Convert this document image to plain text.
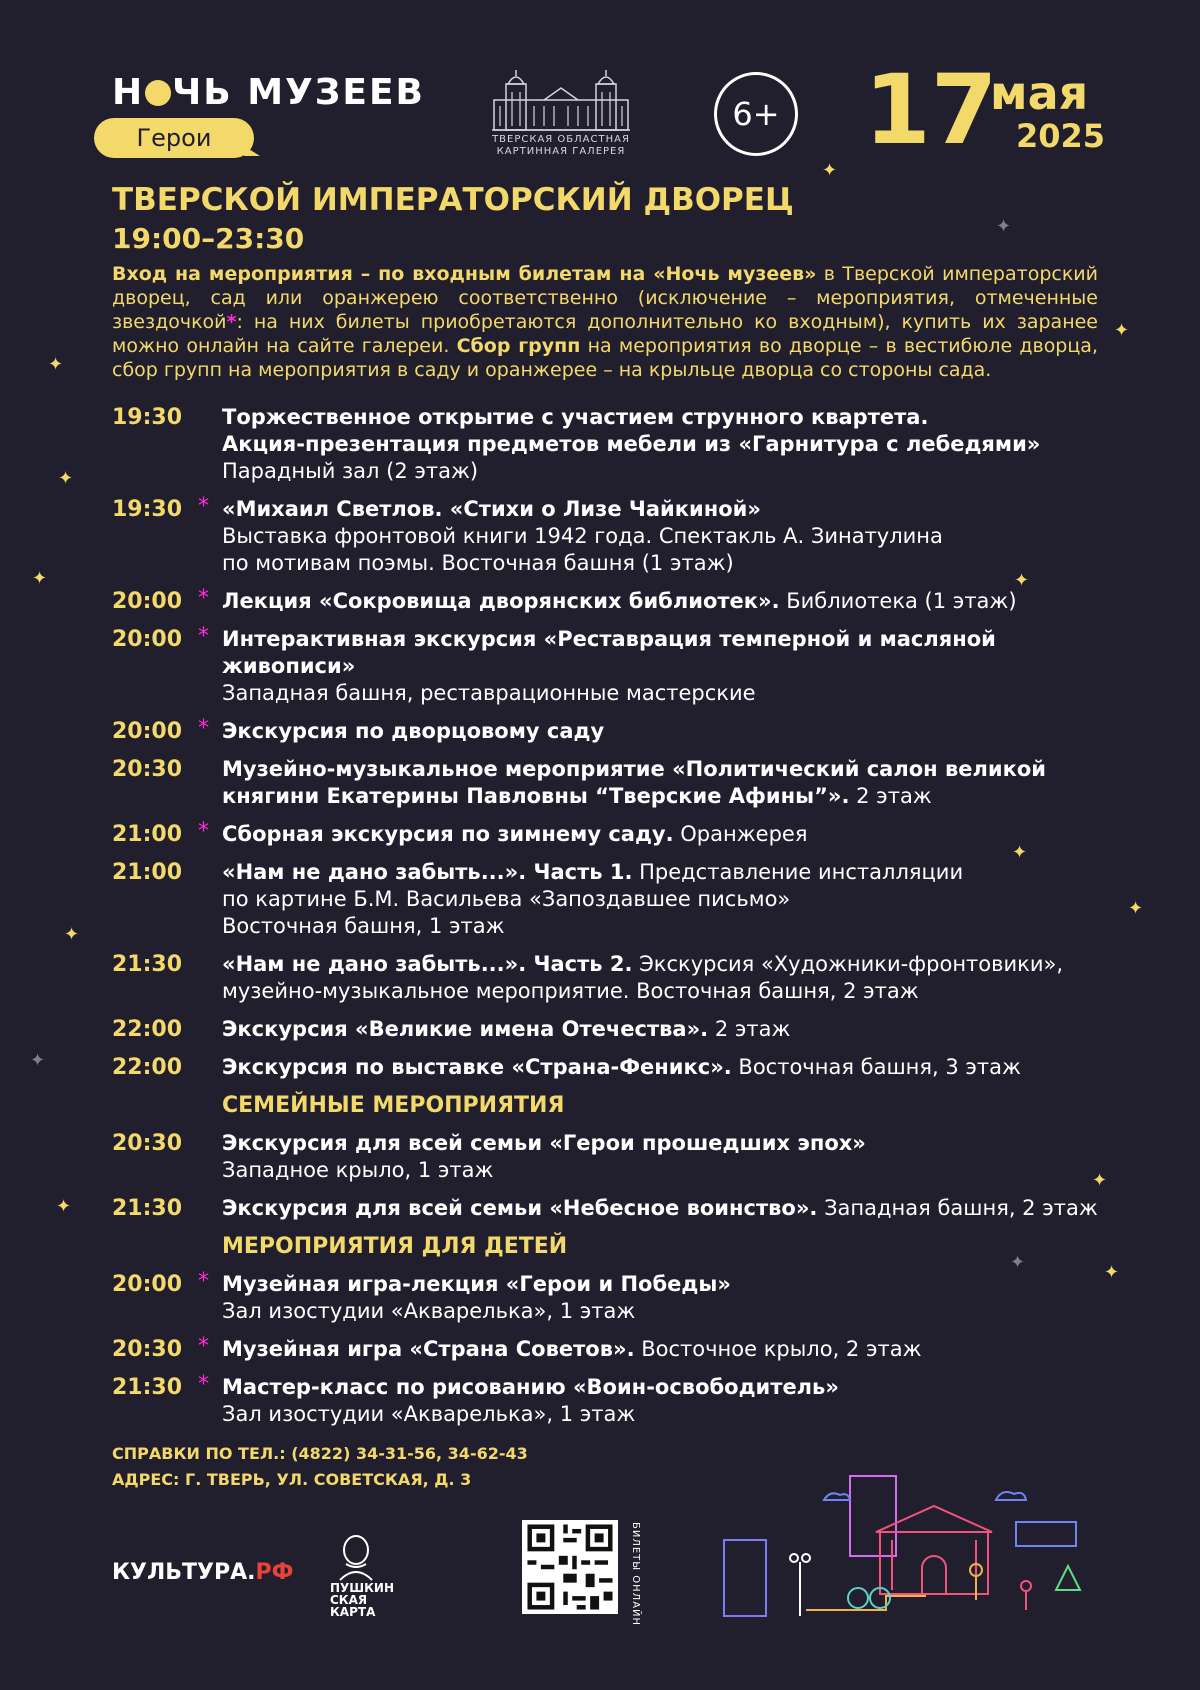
✦
✦
✦
✦
✦
✦	✦
✦
✦
✦
✦
✦
✦
✦	✦
Н ЧЬ МУЗЕЕВ
Герои	ТВЕРСКАЯ ОБЛАСТНАЯ
КАРТИННАЯ ГАЛЕРЕЯ
6+ 17
мая
2025
ТВЕРСКОЙ ИМПЕРАТОРСКИЙ ДВОРЕЦ
19:00–23:30
Вход на мероприятия – по входным билетам на «Ночь музеев» в Тверской императорский дворец, сад или оранжерею соответственно (исключение – мероприятия, отмеченные звездочкой*: на них билеты приобретаются дополнительно ко входным), купить их заранее можно онлайн на сайте галереи. Сбор групп на мероприятия во дворце – в вестибюле дворца, сбор групп на мероприятия в саду и оранжерее – на крыльце дворца со стороны сада.
19:30 Торжественное открытие с участием струнного квартета.
Акция-презентация предметов мебели из «Гарнитура с лебедями»
Парадный зал (2 этаж)
19:30 * «Михаил Светлов. «Стихи о Лизе Чайкиной»
Выставка фронтовой книги 1942 года. Спектакль А. Зинатулина
по мотивам поэмы. Восточная башня (1 этаж)
20:00 * Лекция «Сокровища дворянских библиотек». Библиотека (1 этаж)
20:00 * Интерактивная экскурсия «Реставрация темперной и масляной живописи»
Западная башня, реставрационные мастерские
20:00 * Экскурсия по дворцовому саду
20:30 Музейно-музыкальное мероприятие «Политический салон великой
княгини Екатерины Павловны “Тверские Афины”». 2 этаж
21:00 * Сборная экскурсия по зимнему саду. Оранжерея
21:00 «Нам не дано забыть...». Часть 1. Представление инсталляции
по картине Б.М. Васильева «Запоздавшее письмо»
Восточная башня, 1 этаж
21:30 «Нам не дано забыть...». Часть 2. Экскурсия «Художники-фронтовики»,
музейно-музыкальное мероприятие. Восточная башня, 2 этаж
22:00 Экскурсия «Великие имена Отечества». 2 этаж
22:00 Экскурсия по выставке «Страна-Феникс». Восточная башня, 3 этаж
СЕМЕЙНЫЕ МЕРОПРИЯТИЯ
20:30 Экскурсия для всей семьи «Герои прошедших эпох»
Западное крыло, 1 этаж
21:30 Экскурсия для всей семьи «Небесное воинство». Западная башня, 2 этаж
МЕРОПРИЯТИЯ ДЛЯ ДЕТЕЙ
20:00 * Музейная игра-лекция «Герои и Победы»
Зал изостудии «Акварелька», 1 этаж
20:30 * Музейная игра «Страна Советов». Восточное крыло, 2 этаж
21:30 * Мастер-класс по рисованию «Воин-освободитель»
Зал изостудии «Акварелька», 1 этаж
СПРАВКИ ПО ТЕЛ.: (4822) 34-31-56, 34-62-43
АДРЕС: Г. ТВЕРЬ, УЛ. СОВЕТСКАЯ, Д. 3
КУЛЬТУРА.РФ
ПУШКИН
СКАЯ
КАРТА	БИЛЕТЫ ОНЛАЙН
